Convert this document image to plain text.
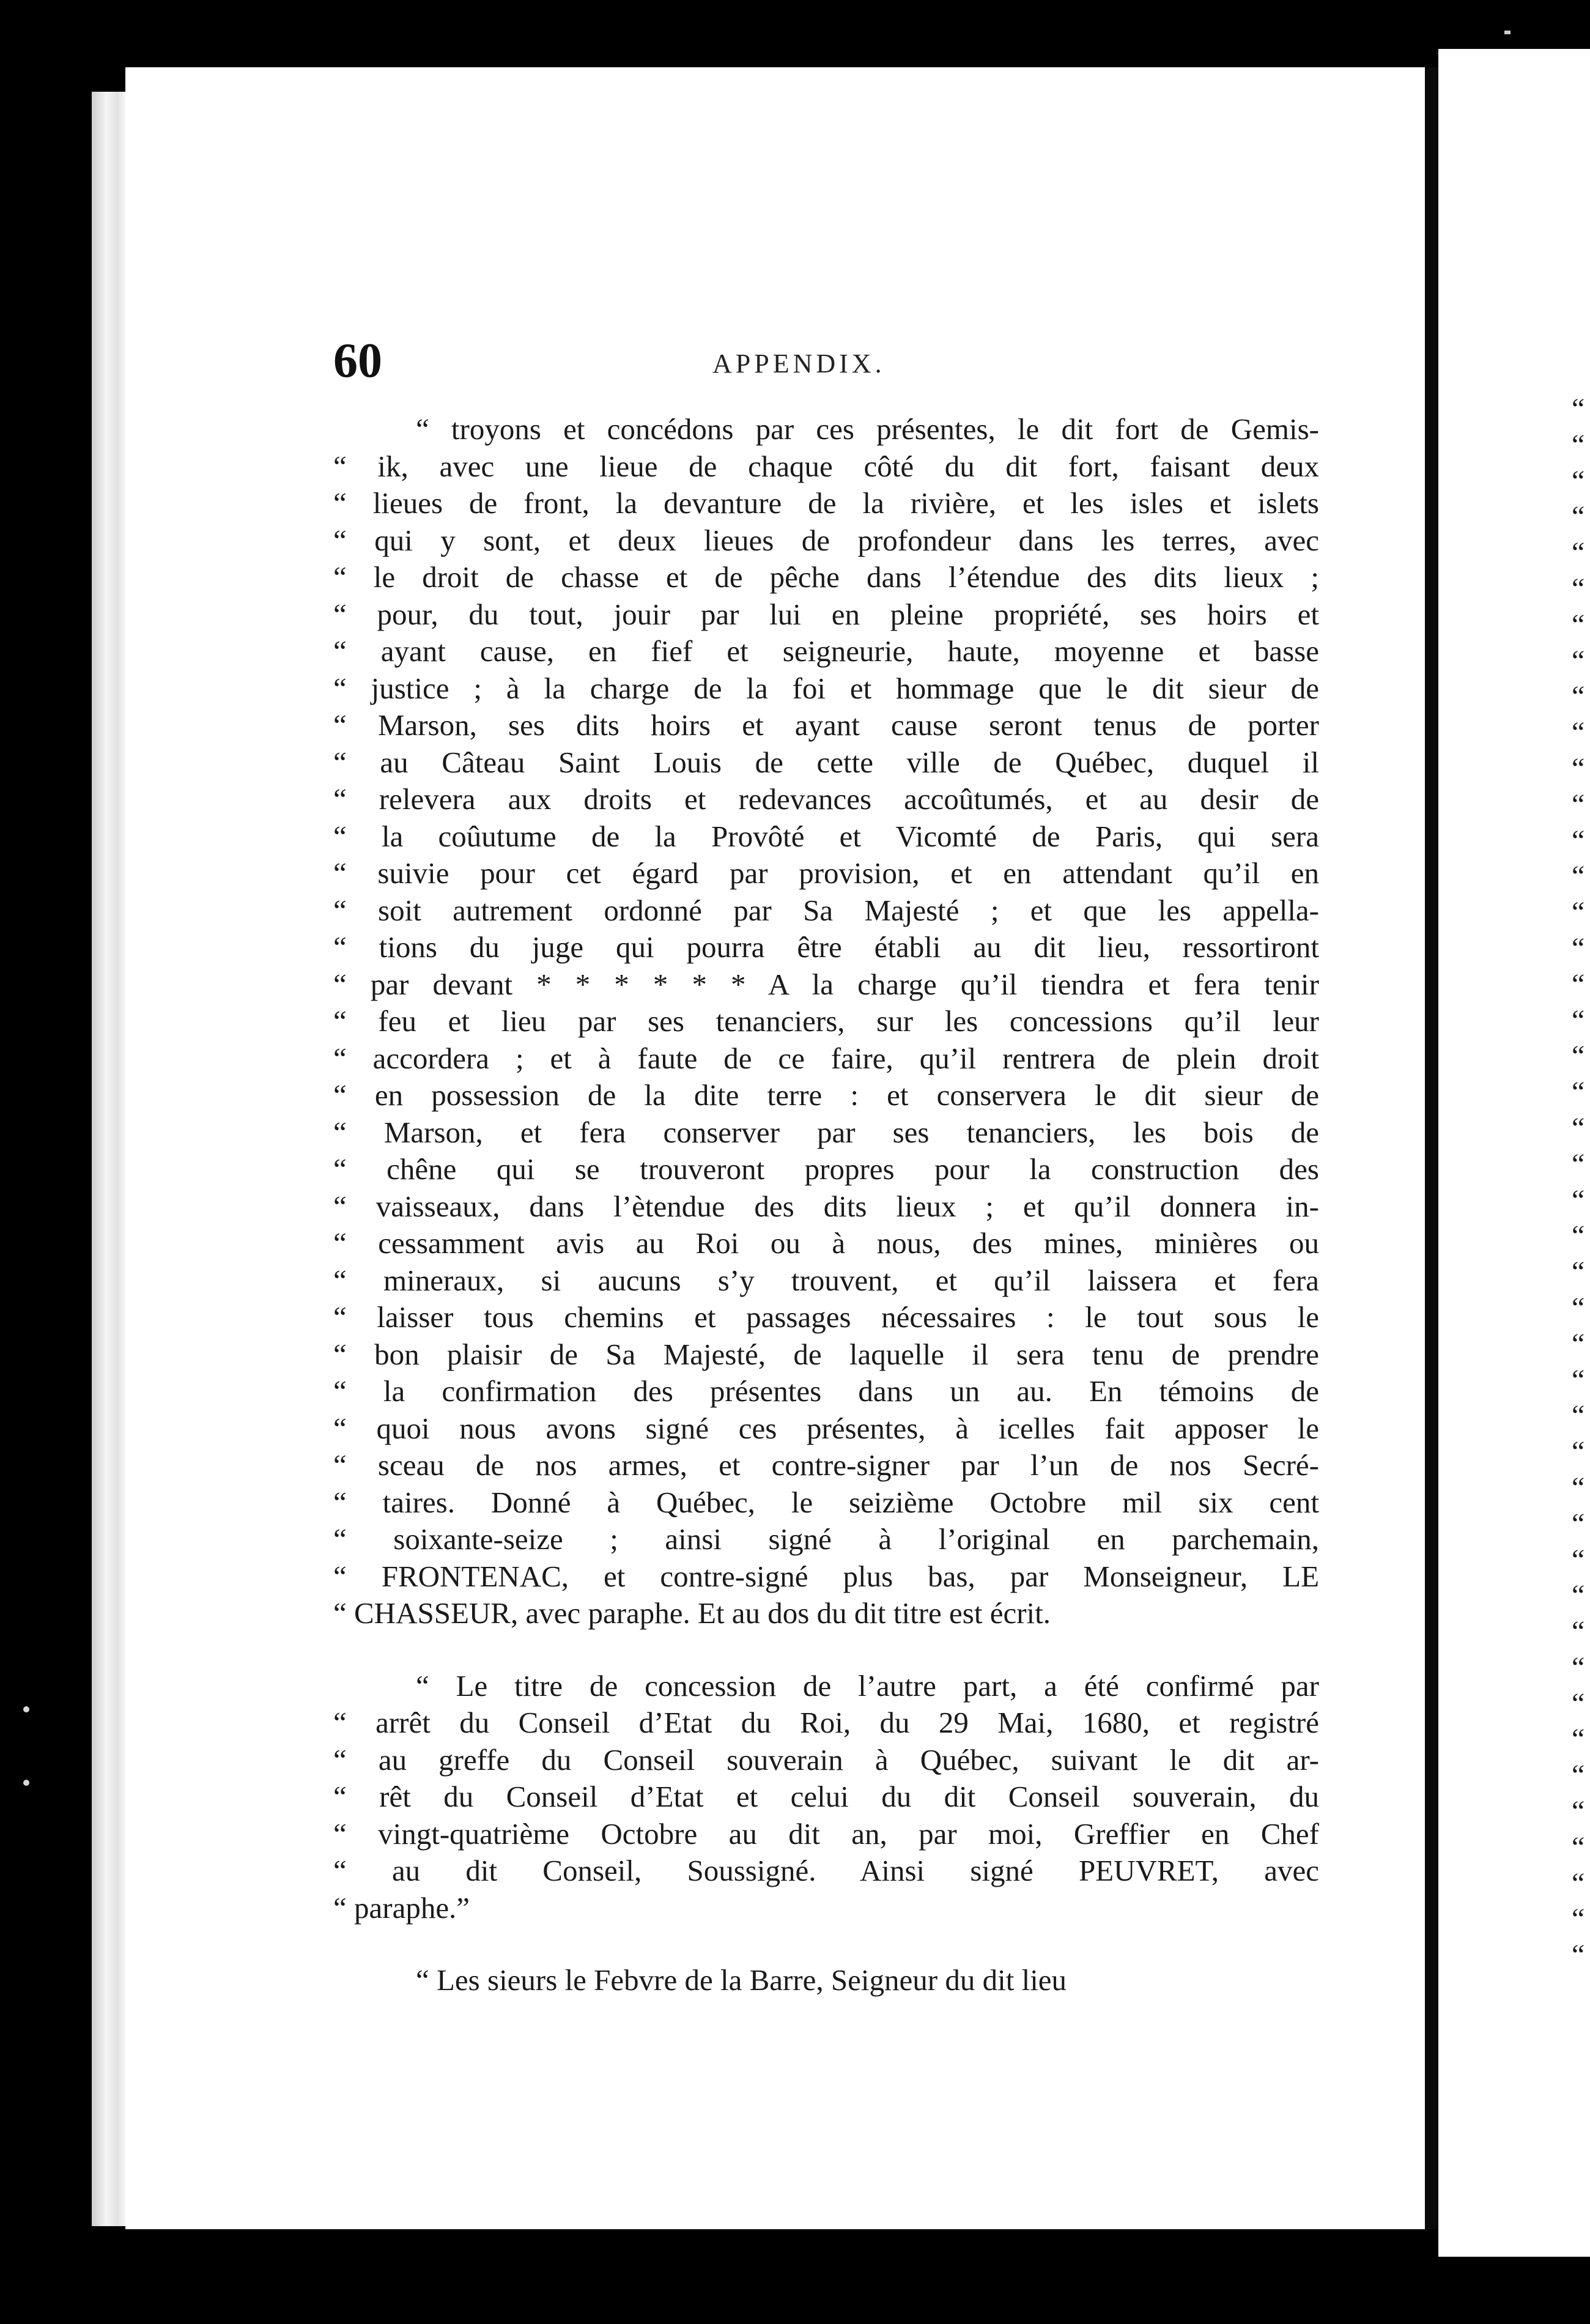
“
“
“
“
“
“
“
“
“
“
“
“
“
“
“
“
“
“
“
“
“
“
“
“
“
“
“
“
“
“
“
“
“
“
“
“
“
“
“
“
“
“
“
“
60	APPENDIX.
“ troyons et concédons par ces présentes, le dit fort de Gemis-
“ ik, avec une lieue de chaque côté du dit fort, faisant deux
“ lieues de front, la devanture de la rivière, et les isles et islets
“ qui y sont, et deux lieues de profondeur dans les terres, avec
“ le droit de chasse et de pêche dans l’étendue des dits lieux ;
“ pour, du tout, jouir par lui en pleine propriété, ses hoirs et
“ ayant cause, en fief et seigneurie, haute, moyenne et basse
“ justice ; à la charge de la foi et hommage que le dit sieur de
“ Marson, ses dits hoirs et ayant cause seront tenus de porter
“ au Câteau Saint Louis de cette ville de Québec, duquel il
“ relevera aux droits et redevances accoûtumés, et au desir de
“ la coûutume de la Provôté et Vicomté de Paris, qui sera
“ suivie pour cet égard par provision, et en attendant qu’il en
“ soit autrement ordonné par Sa Majesté ; et que les appella-
“ tions du juge qui pourra être établi au dit lieu, ressortiront
“ par devant * * * * * * A la charge qu’il tiendra et fera tenir
“ feu et lieu par ses tenanciers, sur les concessions qu’il leur
“ accordera ; et à faute de ce faire, qu’il rentrera de plein droit
“ en possession de la dite terre : et conservera le dit sieur de
“ Marson, et fera conserver par ses tenanciers, les bois de
“ chêne qui se trouveront propres pour la construction des
“ vaisseaux, dans l’ètendue des dits lieux ; et qu’il donnera in-
“ cessamment avis au Roi ou à nous, des mines, minières ou
“ mineraux, si aucuns s’y trouvent, et qu’il laissera et fera
“ laisser tous chemins et passages nécessaires : le tout sous le
“ bon plaisir de Sa Majesté, de laquelle il sera tenu de prendre
“ la confirmation des présentes dans un au. En témoins de
“ quoi nous avons signé ces présentes, à icelles fait apposer le
“ sceau de nos armes, et contre-signer par l’un de nos Secré-
“ taires. Donné à Québec, le seizième Octobre mil six cent
“ soixante-seize ; ainsi signé à l’original en parchemain,
“ FRONTENAC, et contre-signé plus bas, par Monseigneur, LE
“ CHASSEUR, avec paraphe. Et au dos du dit titre est écrit.
“ Le titre de concession de l’autre part, a été confirmé par
“ arrêt du Conseil d’Etat du Roi, du 29 Mai, 1680, et registré
“ au greffe du Conseil souverain à Québec, suivant le dit ar-
“ rêt du Conseil d’Etat et celui du dit Conseil souverain, du
“ vingt-quatrième Octobre au dit an, par moi, Greffier en Chef
“ au dit Conseil, Soussigné. Ainsi signé PEUVRET, avec
“ paraphe.”
“ Les sieurs le Febvre de la Barre, Seigneur du dit lieu
